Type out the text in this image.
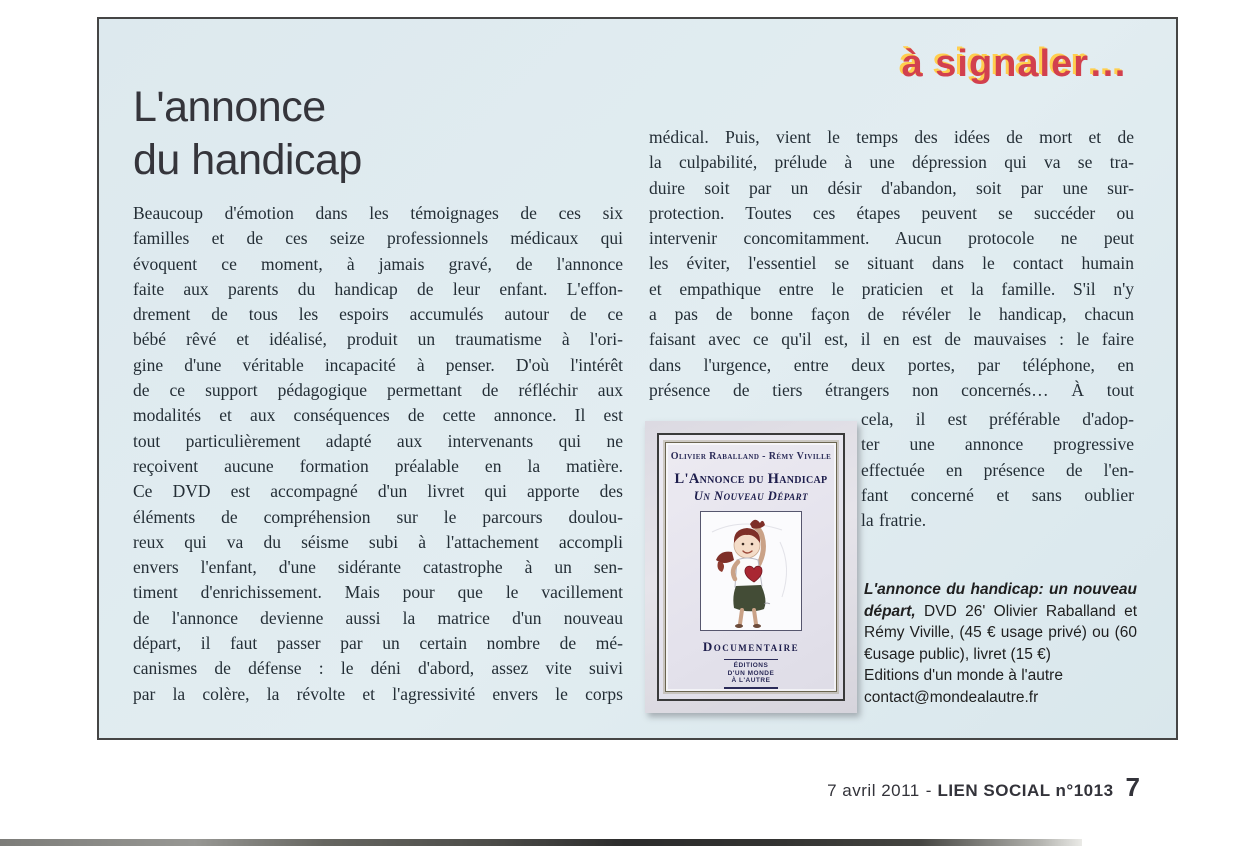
à signaler…
L'annonce
du handicap
Beaucoup d'émotion dans les témoignages de ces six
familles et de ces seize professionnels médicaux qui
évoquent ce moment, à jamais gravé, de l'annonce
faite aux parents du handicap de leur enfant. L'effon-
drement de tous les espoirs accumulés autour de ce
bébé rêvé et idéalisé, produit un traumatisme à l'ori-
gine d'une véritable incapacité à penser. D'où l'intérêt
de ce support pédagogique permettant de réfléchir aux
modalités et aux conséquences de cette annonce. Il est
tout particulièrement adapté aux intervenants qui ne
reçoivent aucune formation préalable en la matière.
Ce DVD est accompagné d'un livret qui apporte des
éléments de compréhension sur le parcours doulou-
reux qui va du séisme subi à l'attachement accompli
envers l'enfant, d'une sidérante catastrophe à un sen-
timent d'enrichissement. Mais pour que le vacillement
de l'annonce devienne aussi la matrice d'un nouveau
départ, il faut passer par un certain nombre de mé-
canismes de défense : le déni d'abord, assez vite suivi
par la colère, la révolte et l'agressivité envers le corps
médical. Puis, vient le temps des idées de mort et de
la culpabilité, prélude à une dépression qui va se tra-
duire soit par un désir d'abandon, soit par une sur-
protection. Toutes ces étapes peuvent se succéder ou
intervenir concomitamment. Aucun protocole ne peut
les éviter, l'essentiel se situant dans le contact humain
et empathique entre le praticien et la famille. S'il n'y
a pas de bonne façon de révéler le handicap, chacun
faisant avec ce qu'il est, il en est de mauvaises : le faire
dans l'urgence, entre deux portes, par téléphone, en
présence de tiers étrangers non concernés… À tout
cela, il est préférable d'adop-
ter une annonce progressive
effectuée en présence de l'en-
fant concerné et sans oublier
la fratrie.
Olivier Raballand - Rémy Viville
L'Annonce du Handicap
Un Nouveau Départ
Documentaire
ÉDITIONS
D'UN MONDE
À L'AUTRE

L'annonce du handicap: un nouveau départ, DVD 26' Olivier Raballand et Rémy Viville, (45 € usage privé) ou (60 €usage public), livret (15 €)

Editions d'un monde à l'autre
contact@mondealautre.fr
7 avril 2011 - LIEN SOCIAL n°1013 7
